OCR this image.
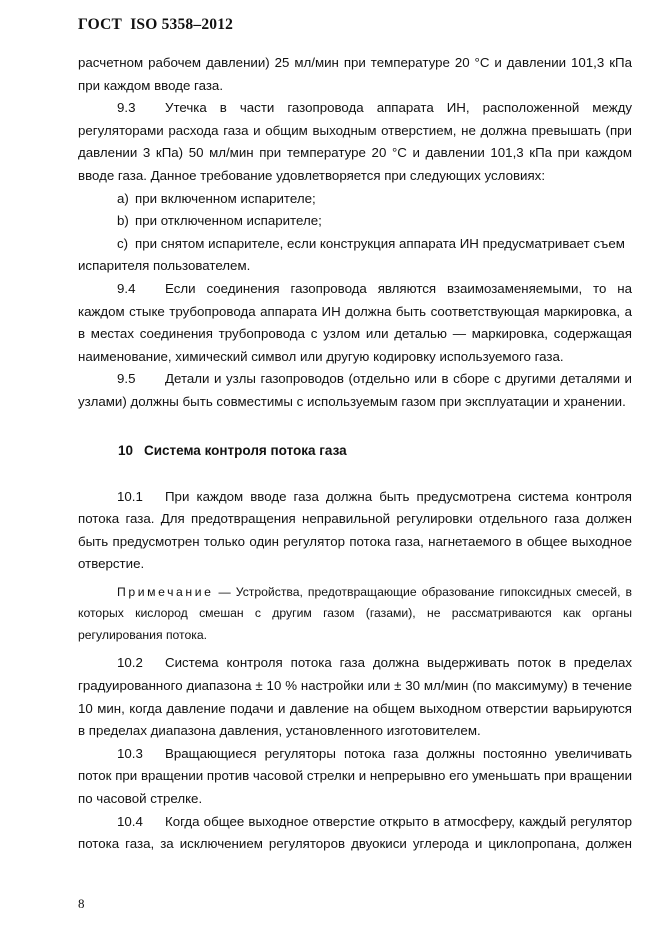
ГОСТ  ISO 5358–2012

расчетном рабочем давлении) 25 мл/мин при температуре 20 °С и давлении 101,3 кПа при каждом вводе газа.

9.3 Утечка в части газопровода аппарата ИН, расположенной между регуляторами расхода газа и общим выходным отверстием, не должна превышать (при давлении 3 кПа) 50 мл/мин при температуре 20 °С и давлении 101,3 кПа при каждом вводе газа. Данное требование удовлетворяется при следующих условиях:

а) при включенном испарителе;

b) при отключенном испарителе;

c) при снятом испарителе, если конструкция аппарата ИН предусматривает съем испарителя пользователем.

9.4 Если соединения газопровода являются взаимозаменяемыми, то на каждом стыке трубопровода аппарата ИН должна быть соответствующая маркировка, а в местах соединения трубопровода с узлом или деталью — маркировка, содержащая наименование, химический символ или другую кодировку используемого газа.

9.5 Детали и узлы газопроводов (отдельно или в сборе с другими деталями и узлами) должны быть совместимы с используемым газом при эксплуатации и хранении.

10 Система контроля потока газа

10.1 При каждом вводе газа должна быть предусмотрена система контроля потока газа. Для предотвращения неправильной регулировки отдельного газа должен быть предусмотрен только один регулятор потока газа, нагнетаемого в общее выходное отверстие.

Примечание — Устройства, предотвращающие образование гипоксидных смесей, в которых кислород смешан с другим газом (газами), не рассматриваются как органы регулирования потока.

10.2 Система контроля потока газа должна выдерживать поток в пределах градуированного диапазона ± 10 % настройки или ± 30 мл/мин (по максимуму) в течение 10 мин, когда давление подачи и давление на общем выходном отверстии варьируются в пределах диапазона давления, установленного изготовителем.

10.3 Вращающиеся регуляторы потока газа должны постоянно увеличивать поток при вращении против часовой стрелки и непрерывно его уменьшать при вращении по часовой стрелке.

10.4 Когда общее выходное отверстие открыто в атмосферу, каждый регулятор потока газа, за исключением регуляторов двуокиси углерода и циклопропана, должен

8
